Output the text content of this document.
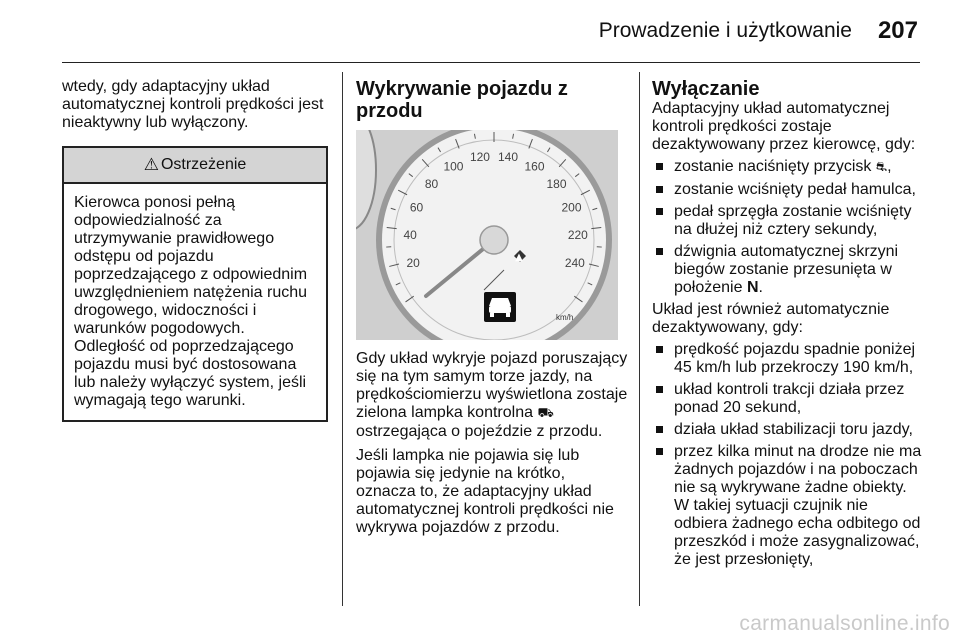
Prowadzenie i użytkowanie 207

wtedy, gdy adaptacyjny układ automatycznej kontroli prędkości jest nieaktywny lub wyłączony.

⚠ Ostrzeżenie
Kierowca ponosi pełną odpowiedzialność za utrzymywanie prawidłowego odstępu od pojazdu poprzedzającego z odpowiednim uwzględnieniem natężenia ruchu drogowego, widoczności i warunków pogodowych. Odległość od poprzedzającego pojazdu musi być dostosowana lub należy wyłączyć system, jeśli wymagają tego warunki.
Wykrywanie pojazdu z przodu
20
40
60
80
100
120 140
160
180
200
220
240
▲
km/h

Gdy układ wykryje pojazd poruszający się na tym samym torze jazdy, na prędkościomierzu wyświetlona zostaje zielona lampka kontrolna ⛟ ostrzegająca o pojeździe z przodu.

Jeśli lampka nie pojawia się lub pojawia się jedynie na krótko, oznacza to, że adaptacyjny układ automatycznej kontroli prędkości nie wykrywa pojazdów z przodu.

Wyłączanie

Adaptacyjny układ automatycznej kontroli prędkości zostaje dezaktywowany przez kierowcę, gdy:

zostanie naciśnięty przycisk ⛐,
zostanie wciśnięty pedał hamulca,
pedał sprzęgła zostanie wciśnięty na dłużej niż cztery sekundy,
dźwignia automatycznej skrzyni biegów zostanie przesunięta w położenie N.

Układ jest również automatycznie dezaktywowany, gdy:

prędkość pojazdu spadnie poniżej 45 km/h lub przekroczy 190 km/h,
układ kontroli trakcji działa przez ponad 20 sekund,
działa układ stabilizacji toru jazdy,
przez kilka minut na drodze nie ma żadnych pojazdów i na poboczach nie są wykrywane żadne obiekty. W takiej sytuacji czujnik nie odbiera żadnego echa odbitego od przeszkód i może zasygnalizować, że jest przesłonięty,
carmanualsonline.info
